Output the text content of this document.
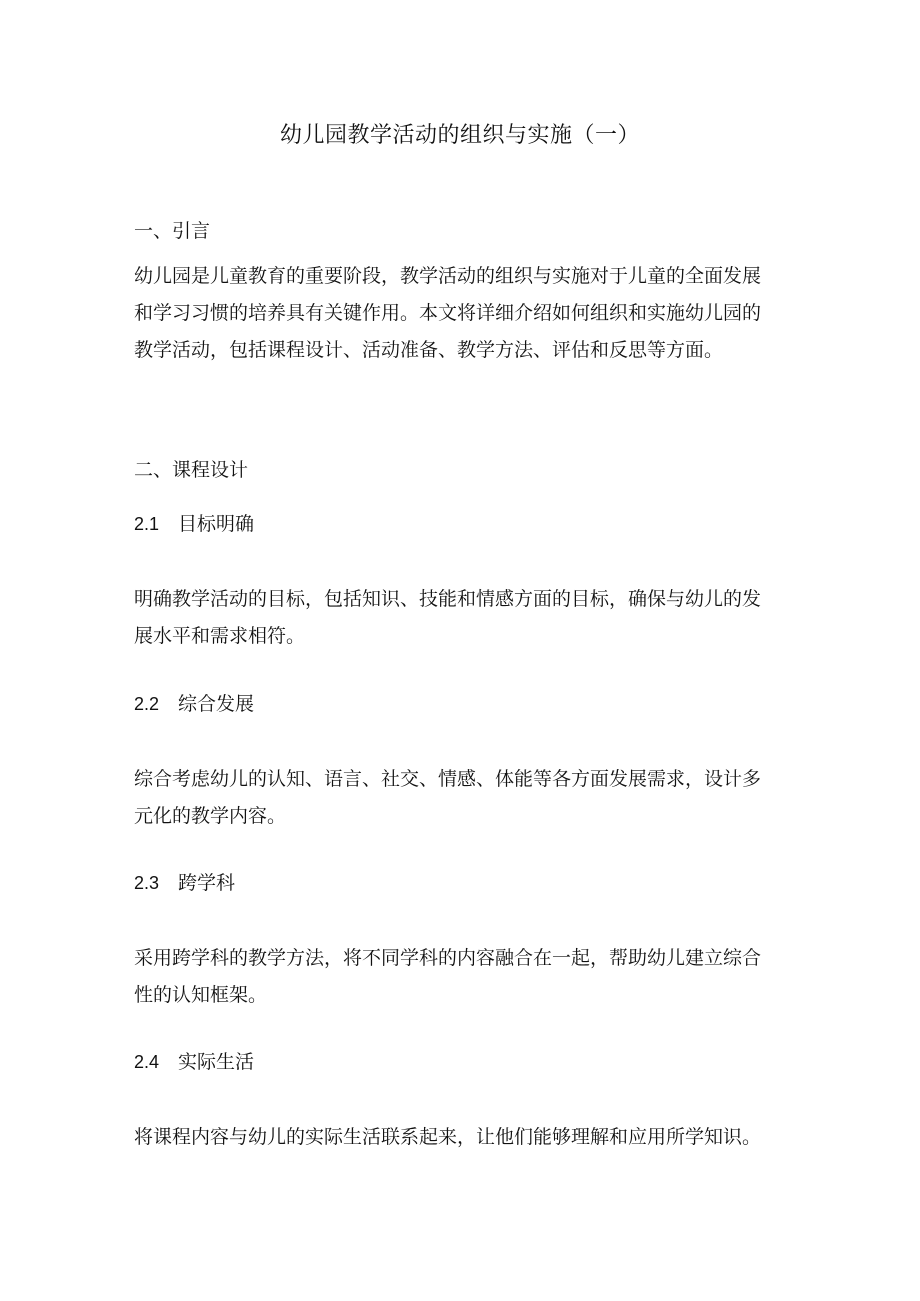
幼儿园教学活动的组织与实施（一）
一、引言

幼儿园是儿童教育的重要阶段，教学活动的组织与实施对于儿童的全面发展
和学习习惯的培养具有关键作用。本文将详细介绍如何组织和实施幼儿园的
教学活动，包括课程设计、活动准备、教学方法、评估和反思等方面。

二、课程设计
2.1 目标明确

明确教学活动的目标，包括知识、技能和情感方面的目标，确保与幼儿的发
展水平和需求相符。

2.2 综合发展

综合考虑幼儿的认知、语言、社交、情感、体能等各方面发展需求，设计多
元化的教学内容。

2.3 跨学科

采用跨学科的教学方法，将不同学科的内容融合在一起，帮助幼儿建立综合
性的认知框架。

2.4 实际生活

将课程内容与幼儿的实际生活联系起来，让他们能够理解和应用所学知识。
